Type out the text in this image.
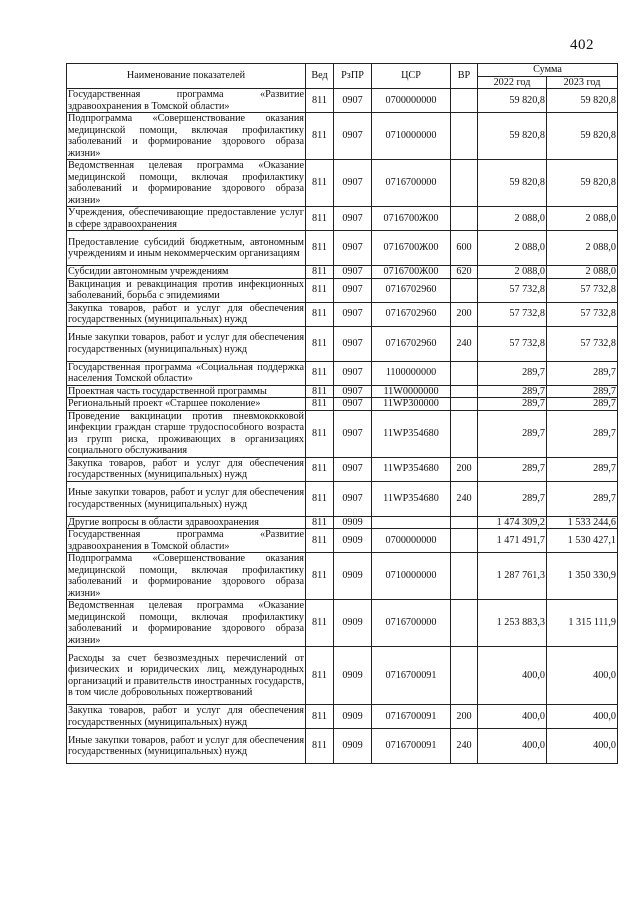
402
Наименование показателей	Вед	РзПР	ЦСР	ВР	Сумма	
					2022 год	2023 год
Государственная программа «Развитие здравоохранения в Томской области»	811	0907	0700000000		59 820,8	59 820,8
Подпрограмма «Совершенствование оказания медицинской помощи, включая профилактику заболеваний и формирование здорового образа жизни»	811	0907	0710000000		59 820,8	59 820,8
Ведомственная целевая программа «Оказание медицинской помощи, включая профилактику заболеваний и формирование здорового образа жизни»	811	0907	0716700000		59 820,8	59 820,8
Учреждения, обеспечивающие предоставление услуг в сфере здравоохранения	811	0907	0716700Ж00		2 088,0	2 088,0
Предоставление субсидий бюджетным, автономным учреждениям и иным некоммерческим организациям	811	0907	0716700Ж00	600	2 088,0	2 088,0
Субсидии автономным учреждениям	811	0907	0716700Ж00	620	2 088,0	2 088,0
Вакцинация и ревакцинация против инфекционных заболеваний, борьба с эпидемиями	811	0907	0716702960		57 732,8	57 732,8
Закупка товаров, работ и услуг для обеспечения государственных (муниципальных) нужд	811	0907	0716702960	200	57 732,8	57 732,8
Иные закупки товаров, работ и услуг для обеспечения государственных (муниципальных) нужд	811	0907	0716702960	240	57 732,8	57 732,8
Государственная программа «Социальная поддержка населения Томской области»	811	0907	1100000000		289,7	289,7
Проектная часть государственной программы	811	0907	11W0000000		289,7	289,7
Региональный проект «Старшее поколение»	811	0907	11WP300000		289,7	289,7
Проведение вакцинации против пневмококковой инфекции граждан старше трудоспособного возраста из групп риска, проживающих в организациях социального обслуживания	811	0907	11WP354680		289,7	289,7
Закупка товаров, работ и услуг для обеспечения государственных (муниципальных) нужд	811	0907	11WP354680	200	289,7	289,7
Иные закупки товаров, работ и услуг для обеспечения государственных (муниципальных) нужд	811	0907	11WP354680	240	289,7	289,7
Другие вопросы в области здравоохранения	811	0909			1 474 309,2	1 533 244,6
Государственная программа «Развитие здравоохранения в Томской области»	811	0909	0700000000		1 471 491,7	1 530 427,1
Подпрограмма «Совершенствование оказания медицинской помощи, включая профилактику заболеваний и формирование здорового образа жизни»	811	0909	0710000000		1 287 761,3	1 350 330,9
Ведомственная целевая программа «Оказание медицинской помощи, включая профилактику заболеваний и формирование здорового образа жизни»	811	0909	0716700000		1 253 883,3	1 315 111,9
Расходы за счет безвозмездных перечислений от физических и юридических лиц, международных организаций и правительств иностранных государств, в том числе добровольных пожертвований	811	0909	0716700091		400,0	400,0
Закупка товаров, работ и услуг для обеспечения государственных (муниципальных) нужд	811	0909	0716700091	200	400,0	400,0
Иные закупки товаров, работ и услуг для обеспечения государственных (муниципальных) нужд	811	0909	0716700091	240	400,0	400,0
